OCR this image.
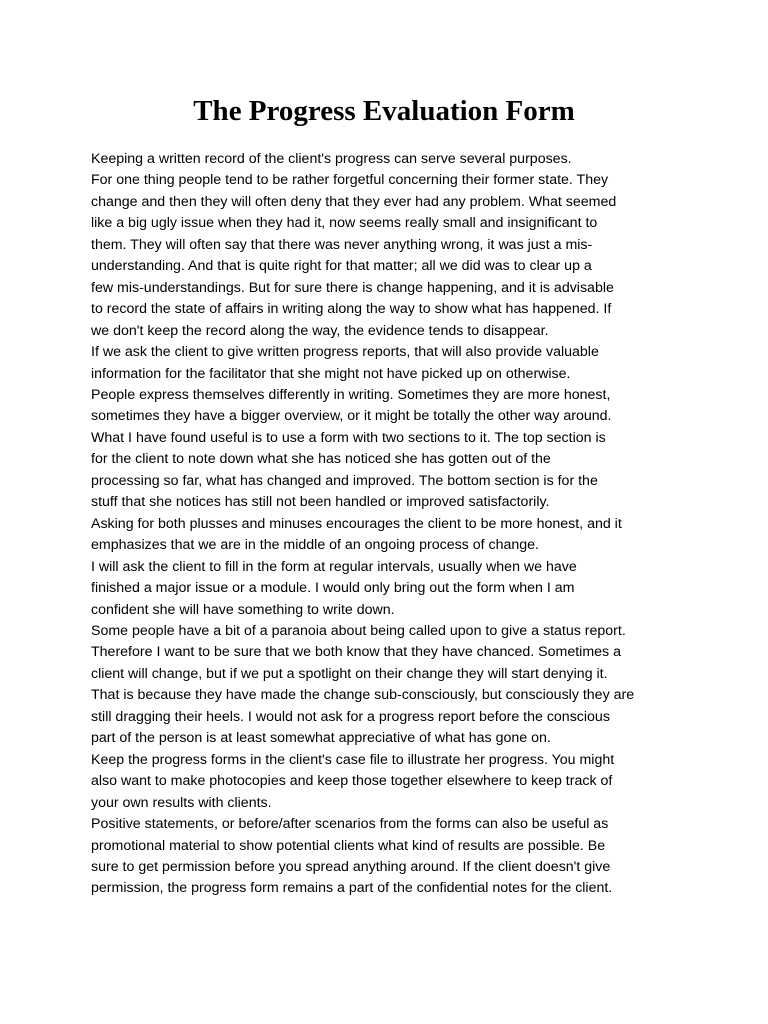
The Progress Evaluation Form
Keeping a written record of the client's progress can serve several purposes.
For one thing people tend to be rather forgetful concerning their former state. They
change and then they will often deny that they ever had any problem. What seemed
like a big ugly issue when they had it, now seems really small and insignificant to
them. They will often say that there was never anything wrong, it was just a mis-
understanding. And that is quite right for that matter; all we did was to clear up a
few mis-understandings. But for sure there is change happening, and it is advisable
to record the state of affairs in writing along the way to show what has happened. If
we don't keep the record along the way, the evidence tends to disappear.
If we ask the client to give written progress reports, that will also provide valuable
information for the facilitator that she might not have picked up on otherwise.
People express themselves differently in writing. Sometimes they are more honest,
sometimes they have a bigger overview, or it might be totally the other way around.
What I have found useful is to use a form with two sections to it. The top section is
for the client to note down what she has noticed she has gotten out of the
processing so far, what has changed and improved. The bottom section is for the
stuff that she notices has still not been handled or improved satisfactorily.
Asking for both plusses and minuses encourages the client to be more honest, and it
emphasizes that we are in the middle of an ongoing process of change.
I will ask the client to fill in the form at regular intervals, usually when we have
finished a major issue or a module. I would only bring out the form when I am
confident she will have something to write down.
Some people have a bit of a paranoia about being called upon to give a status report.
Therefore I want to be sure that we both know that they have chanced. Sometimes a
client will change, but if we put a spotlight on their change they will start denying it.
That is because they have made the change sub-consciously, but consciously they are
still dragging their heels. I would not ask for a progress report before the conscious
part of the person is at least somewhat appreciative of what has gone on.
Keep the progress forms in the client's case file to illustrate her progress. You might
also want to make photocopies and keep those together elsewhere to keep track of
your own results with clients.
Positive statements, or before/after scenarios from the forms can also be useful as
promotional material to show potential clients what kind of results are possible. Be
sure to get permission before you spread anything around. If the client doesn't give
permission, the progress form remains a part of the confidential notes for the client.
